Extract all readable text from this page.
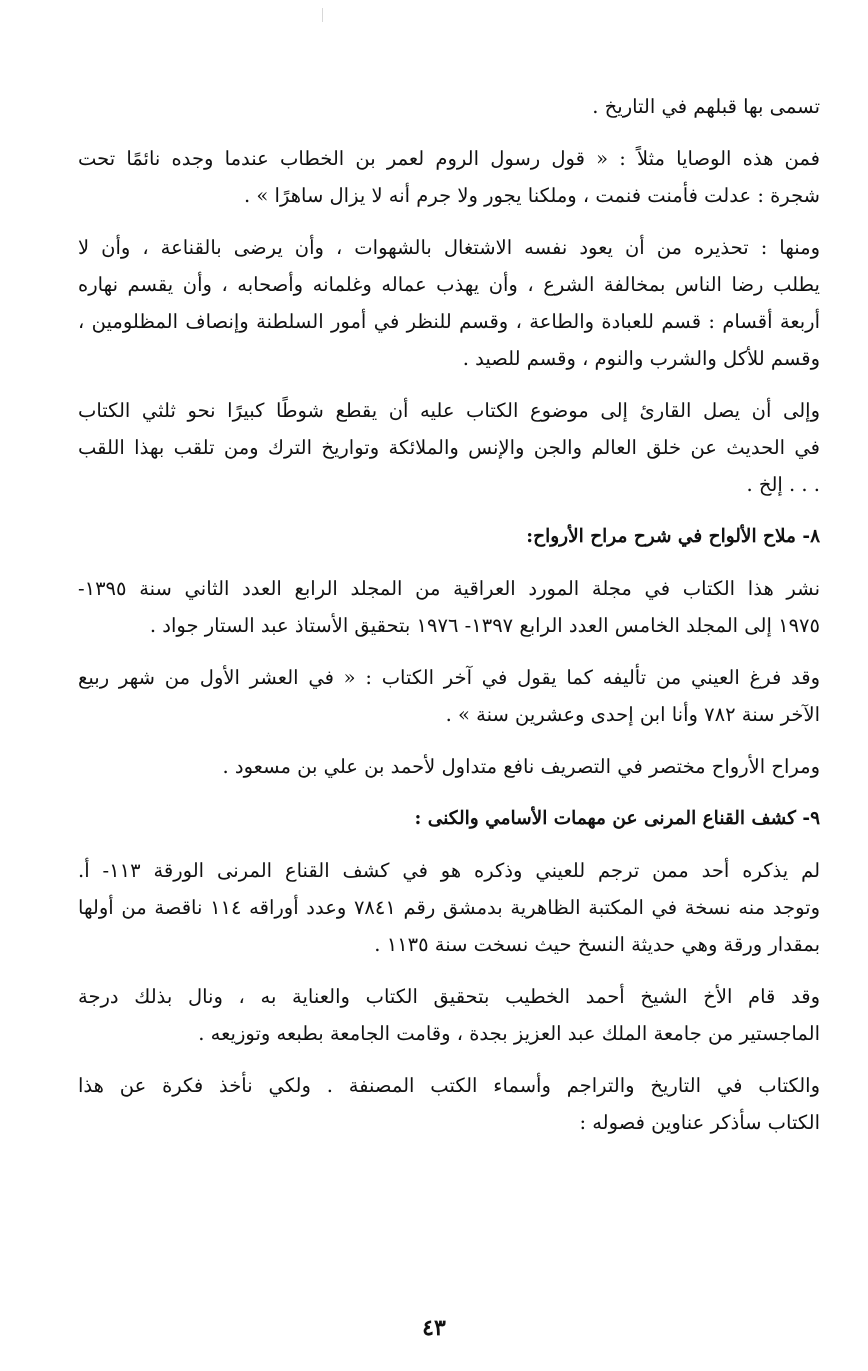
تسمى بها قبلهم في التاريخ .
فمن هذه الوصايا مثلاً : « قول رسول الروم لعمر بن الخطاب عندما وجده نائمًا تحت
شجرة : عدلت فأمنت فنمت ، وملكنا يجور ولا جرم أنه لا يزال ساهرًا » .
ومنها : تحذيره من أن يعود نفسه الاشتغال بالشهوات ، وأن يرضى بالقناعة ، وأن لا
يطلب رضا الناس بمخالفة الشرع ، وأن يهذب عماله وغلمانه وأصحابه ، وأن يقسم نهاره
أربعة أقسام : قسم للعبادة والطاعة ، وقسم للنظر في أمور السلطنة وإنصاف المظلومين ،
وقسم للأكل والشرب والنوم ، وقسم للصيد .
وإلى أن يصل القارئ إلى موضوع الكتاب عليه أن يقطع شوطًا كبيرًا نحو ثلثي الكتاب
في الحديث عن خلق العالم والجن والإنس والملائكة وتواريخ الترك ومن تلقب بهذا اللقب
. . . إلخ .
٨- ملاح الألواح في شرح مراح الأرواح:
نشر هذا الكتاب في مجلة المورد العراقية من المجلد الرابع العدد الثاني سنة ١٣٩٥-
١٩٧٥ إلى المجلد الخامس العدد الرابع ١٣٩٧- ١٩٧٦ بتحقيق الأستاذ عبد الستار جواد .
وقد فرغ العيني من تأليفه كما يقول في آخر الكتاب : « في العشر الأول من شهر ربيع
الآخر سنة ٧٨٢ وأنا ابن إحدى وعشرين سنة » .
ومراح الأرواح مختصر في التصريف نافع متداول لأحمد بن علي بن مسعود .
٩- كشف القناع المرنى عن مهمات الأسامي والكنى :
لم يذكره أحد ممن ترجم للعيني وذكره هو في كشف القناع المرنى الورقة ١١٣- أ.
وتوجد منه نسخة في المكتبة الظاهرية بدمشق رقم ٧٨٤١ وعدد أوراقه ١١٤ ناقصة من أولها
بمقدار ورقة وهي حديثة النسخ حيث نسخت سنة ١١٣٥ .
وقد قام الأخ الشيخ أحمد الخطيب بتحقيق الكتاب والعناية به ، ونال بذلك درجة
الماجستير من جامعة الملك عبد العزيز بجدة ، وقامت الجامعة بطبعه وتوزيعه .
والكتاب في التاريخ والتراجم وأسماء الكتب المصنفة . ولكي نأخذ فكرة عن هذا
الكتاب سأذكر عناوين فصوله :
٤٣
